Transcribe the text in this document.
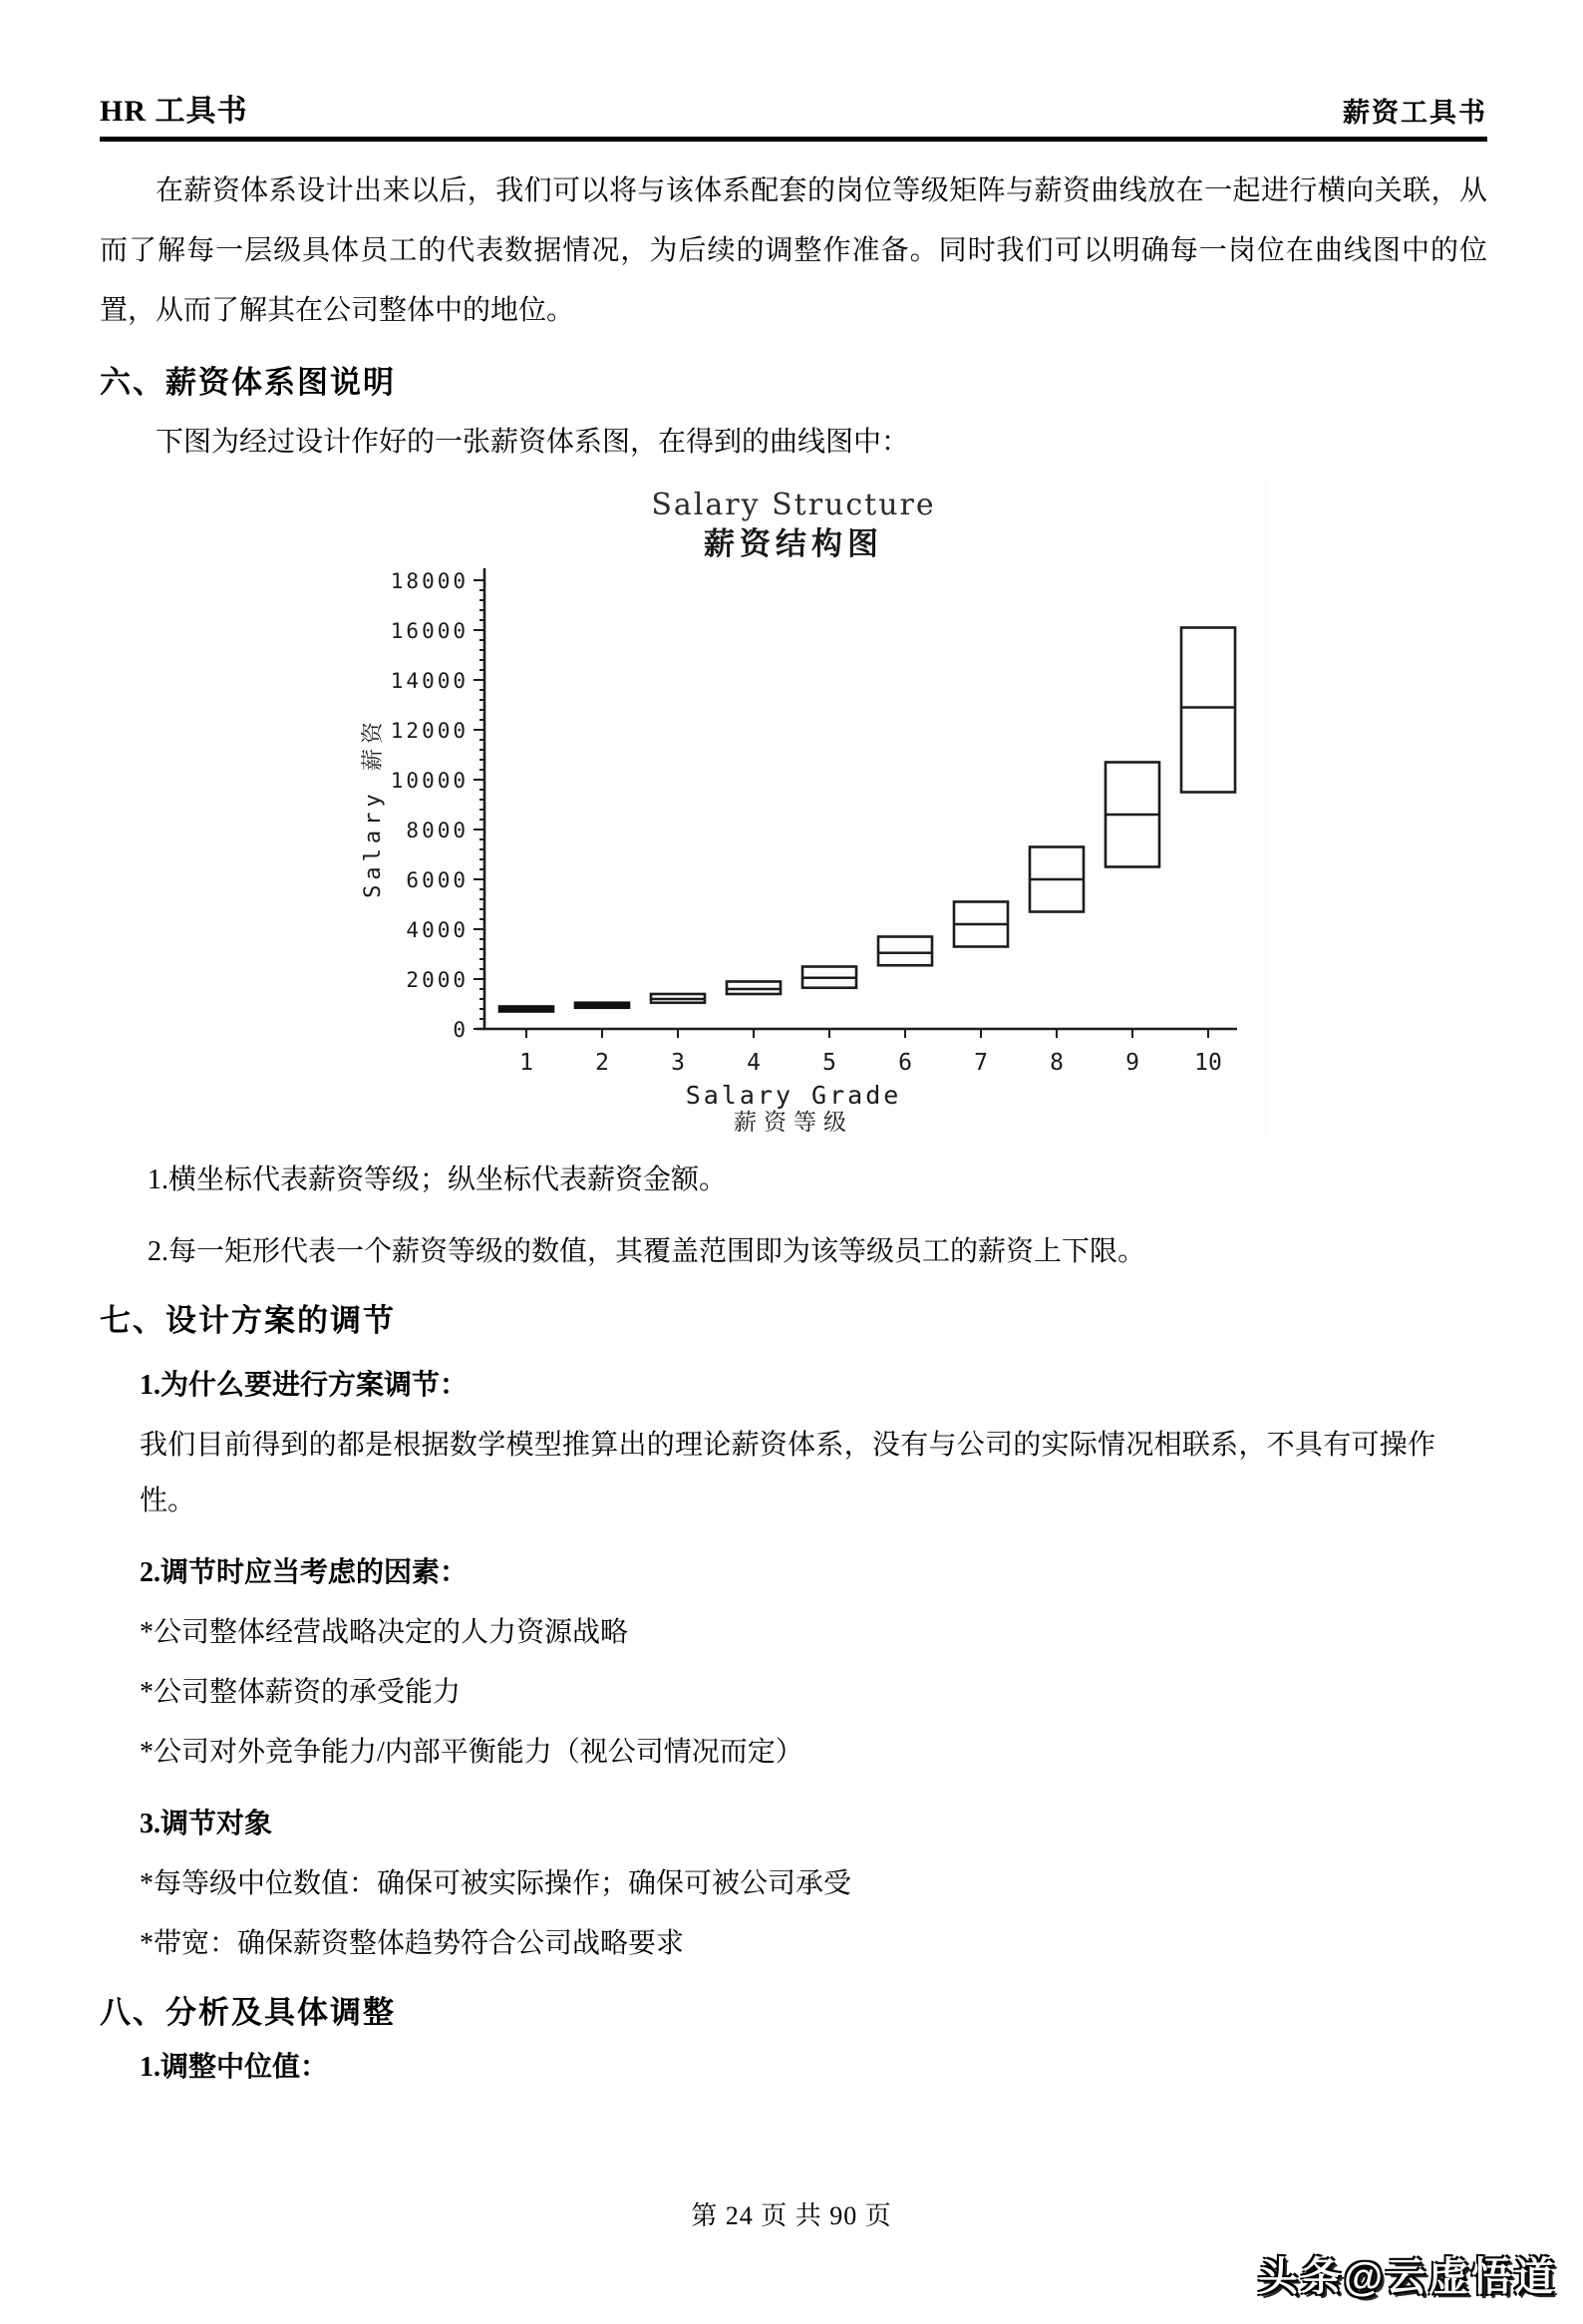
HR 工具书	薪资工具书

在薪资体系设计出来以后，我们可以将与该体系配套的岗位等级矩阵与薪资曲线放在一起进行横向关联，从而了解每一层级具体员工的代表数据情况，为后续的调整作准备。同时我们可以明确每一岗位在曲线图中的位置，从而了解其在公司整体中的地位。

六、薪资体系图说明

下图为经过设计作好的一张薪资体系图，在得到的曲线图中：

Salary Structure
薪资结构图
Salary 薪资
0
2000
4000
6000
8000
10000
12000
14000
16000
18000
1	2	3	4	5	6	7	8	9 10
Salary Grade
薪资等级

1.横坐标代表薪资等级；纵坐标代表薪资金额。

2.每一矩形代表一个薪资等级的数值，其覆盖范围即为该等级员工的薪资上下限。

七、设计方案的调节

1.为什么要进行方案调节：

我们目前得到的都是根据数学模型推算出的理论薪资体系，没有与公司的实际情况相联系，不具有可操作性。

2.调节时应当考虑的因素：

*公司整体经营战略决定的人力资源战略

*公司整体薪资的承受能力

*公司对外竞争能力/内部平衡能力（视公司情况而定）

3.调节对象

*每等级中位数值：确保可被实际操作；确保可被公司承受

*带宽：确保薪资整体趋势符合公司战略要求

八、分析及具体调整

1.调整中位值：

第 24 页 共 90 页
头条@云虚悟道
